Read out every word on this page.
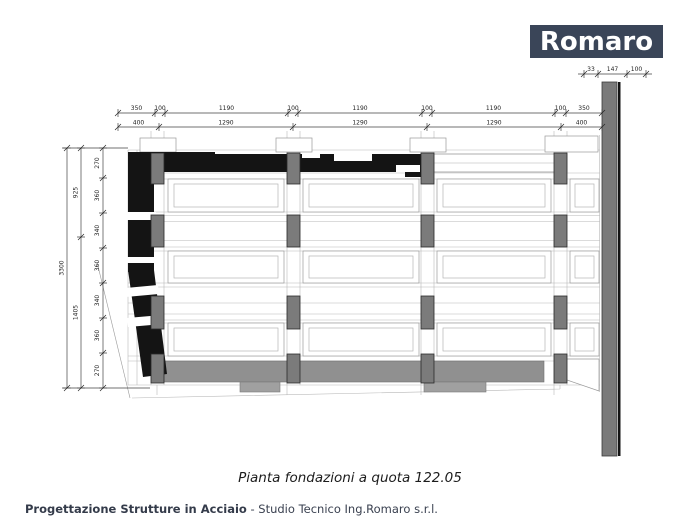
Romaro
350 100	1190	100	1190	100	1190	100 350
400	1290	1290	1290	400
270
360
340
360
340
360
270
925
1405
3300
33 147 100
Pianta fondazioni a quota 122.05
Progettazione Strutture in Acciaio - Studio Tecnico Ing.Romaro s.r.l.
